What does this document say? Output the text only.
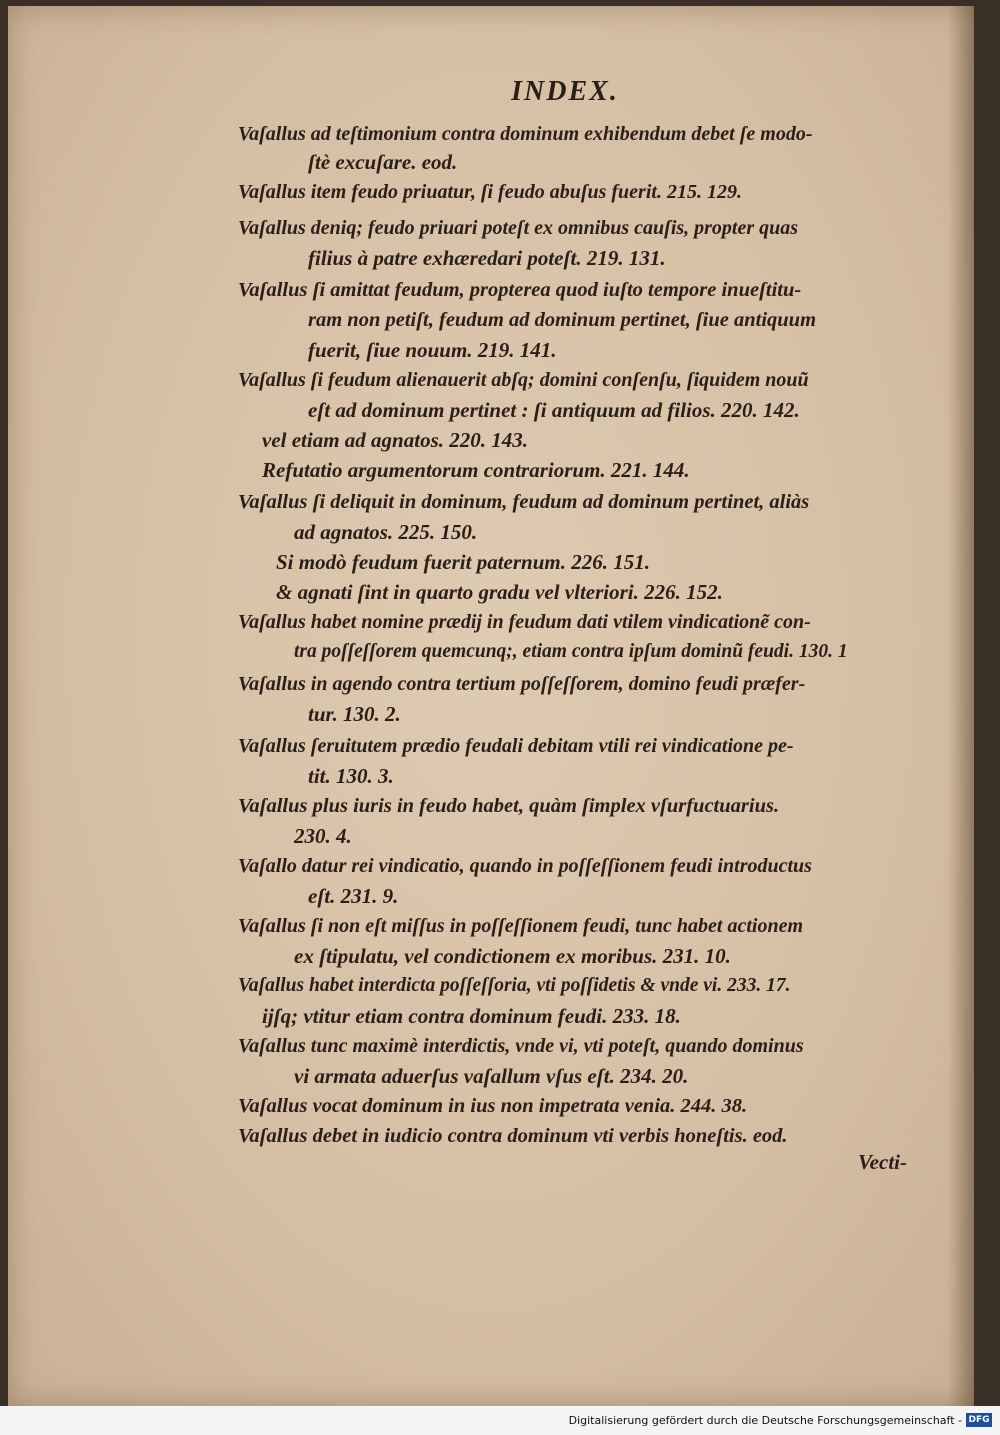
INDEX.
Vaſallus ad teſtimonium contra dominum exhibendum debet ſe modo-
ſtè excuſare. eod.
Vaſallus item feudo priuatur, ſi feudo abuſus fuerit. 215. 129.
Vaſallus deniq; feudo priuari poteſt ex omnibus cauſis, propter quas
filius à patre exhæredari poteſt. 219. 131.
Vaſallus ſi amittat feudum, propterea quod iuſto tempore inueſtitu-
ram non petiſt, feudum ad dominum pertinet, ſiue antiquum
fuerit, ſiue nouum. 219. 141.
Vaſallus ſi feudum alienauerit abſq; domini conſenſu, ſiquidem nouũ
eſt ad dominum pertinet : ſi antiquum ad filios. 220. 142.
vel etiam ad agnatos. 220. 143.
Refutatio argumentorum contrariorum. 221. 144.
Vaſallus ſi deliquit in dominum, feudum ad dominum pertinet, aliàs
ad agnatos. 225. 150.
Si modò feudum fuerit paternum. 226. 151.
& agnati ſint in quarto gradu vel vlteriori. 226. 152.
Vaſallus habet nomine prædij in feudum dati vtilem vindicationẽ con-
tra poſſeſſorem quemcunq;, etiam contra ipſum dominũ feudi. 130. 1
Vaſallus in agendo contra tertium poſſeſſorem, domino feudi præfer-
tur. 130. 2.
Vaſallus ſeruitutem prædio feudali debitam vtili rei vindicatione pe-
tit. 130. 3.
Vaſallus plus iuris in feudo habet, quàm ſimplex vſurfuctuarius.
230. 4.
Vaſallo datur rei vindicatio, quando in poſſeſſionem feudi introductus
eſt. 231. 9.
Vaſallus ſi non eſt miſſus in poſſeſſionem feudi, tunc habet actionem
ex ſtipulatu, vel condictionem ex moribus. 231. 10.
Vaſallus habet interdicta poſſeſſoria, vti poſſidetis & vnde vi. 233. 17.
ijſq; vtitur etiam contra dominum feudi. 233. 18.
Vaſallus tunc maximè interdictis, vnde vi, vti poteſt, quando dominus
vi armata aduerſus vaſallum vſus eſt. 234. 20.
Vaſallus vocat dominum in ius non impetrata venia. 244. 38.
Vaſallus debet in iudicio contra dominum vti verbis honeſtis. eod.
Vecti-
Digitalisierung gefördert durch die Deutsche Forschungsgemeinschaft - DFG
